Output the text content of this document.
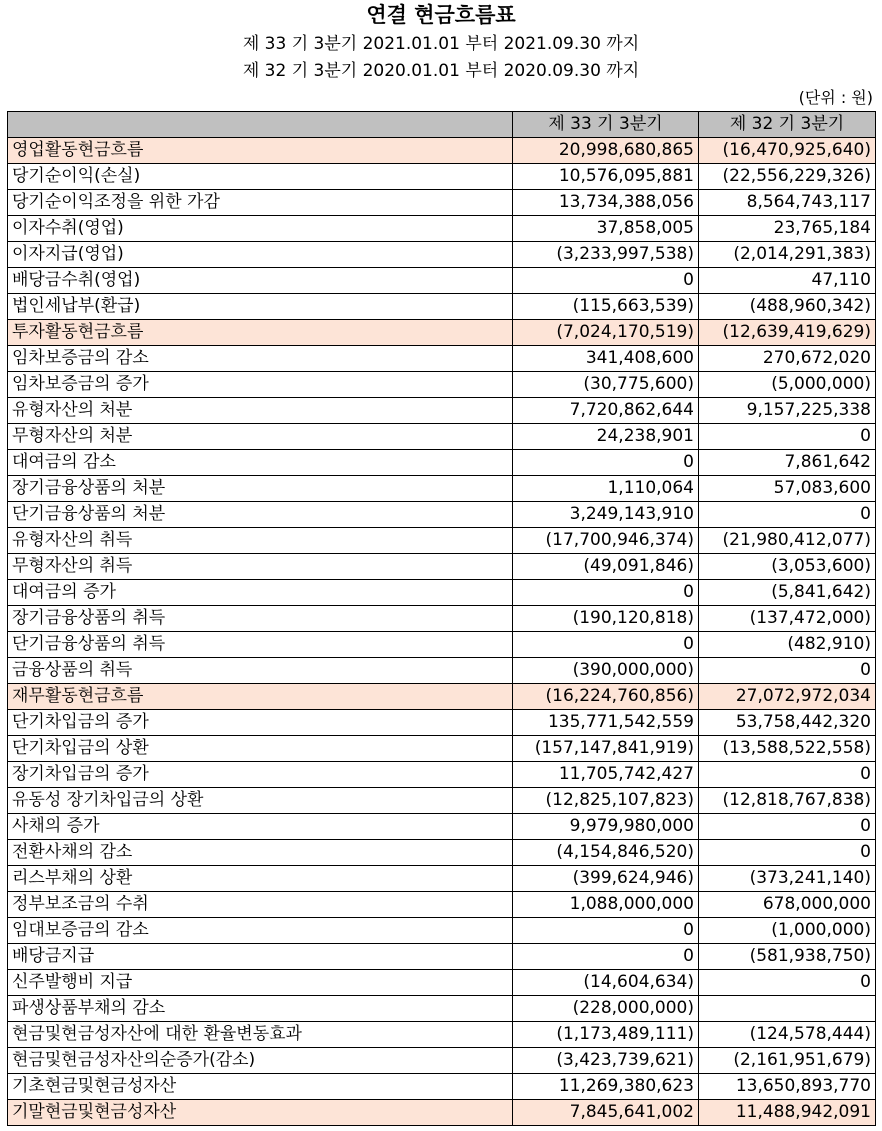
연결 현금흐름표
제 33 기 3분기 2021.01.01 부터 2021.09.30 까지
제 32 기 3분기 2020.01.01 부터 2020.09.30 까지
(단위 : 원)
	제 33 기 3분기	제 32 기 3분기
영업활동현금흐름	20,998,680,865	(16,470,925,640)
당기순이익(손실)	10,576,095,881	(22,556,229,326)
당기순이익조정을 위한 가감	13,734,388,056	8,564,743,117
이자수취(영업)	37,858,005	23,765,184
이자지급(영업)	(3,233,997,538)	(2,014,291,383)
배당금수취(영업)	0	47,110
법인세납부(환급)	(115,663,539)	(488,960,342)
투자활동현금흐름	(7,024,170,519)	(12,639,419,629)
임차보증금의 감소	341,408,600	270,672,020
임차보증금의 증가	(30,775,600)	(5,000,000)
유형자산의 처분	7,720,862,644	9,157,225,338
무형자산의 처분	24,238,901	0
대여금의 감소	0	7,861,642
장기금융상품의 처분	1,110,064	57,083,600
단기금융상품의 처분	3,249,143,910	0
유형자산의 취득	(17,700,946,374)	(21,980,412,077)
무형자산의 취득	(49,091,846)	(3,053,600)
대여금의 증가	0	(5,841,642)
장기금융상품의 취득	(190,120,818)	(137,472,000)
단기금융상품의 취득	0	(482,910)
금융상품의 취득	(390,000,000)	0
재무활동현금흐름	(16,224,760,856)	27,072,972,034
단기차입금의 증가	135,771,542,559	53,758,442,320
단기차입금의 상환	(157,147,841,919)	(13,588,522,558)
장기차입금의 증가	11,705,742,427	0
유동성 장기차입금의 상환	(12,825,107,823)	(12,818,767,838)
사채의 증가	9,979,980,000	0
전환사채의 감소	(4,154,846,520)	0
리스부채의 상환	(399,624,946)	(373,241,140)
정부보조금의 수취	1,088,000,000	678,000,000
임대보증금의 감소	0	(1,000,000)
배당금지급	0	(581,938,750)
신주발행비 지급	(14,604,634)	0
파생상품부채의 감소	(228,000,000)	
현금및현금성자산에 대한 환율변동효과	(1,173,489,111)	(124,578,444)
현금및현금성자산의순증가(감소)	(3,423,739,621)	(2,161,951,679)
기초현금및현금성자산	11,269,380,623	13,650,893,770
기말현금및현금성자산	7,845,641,002	11,488,942,091
